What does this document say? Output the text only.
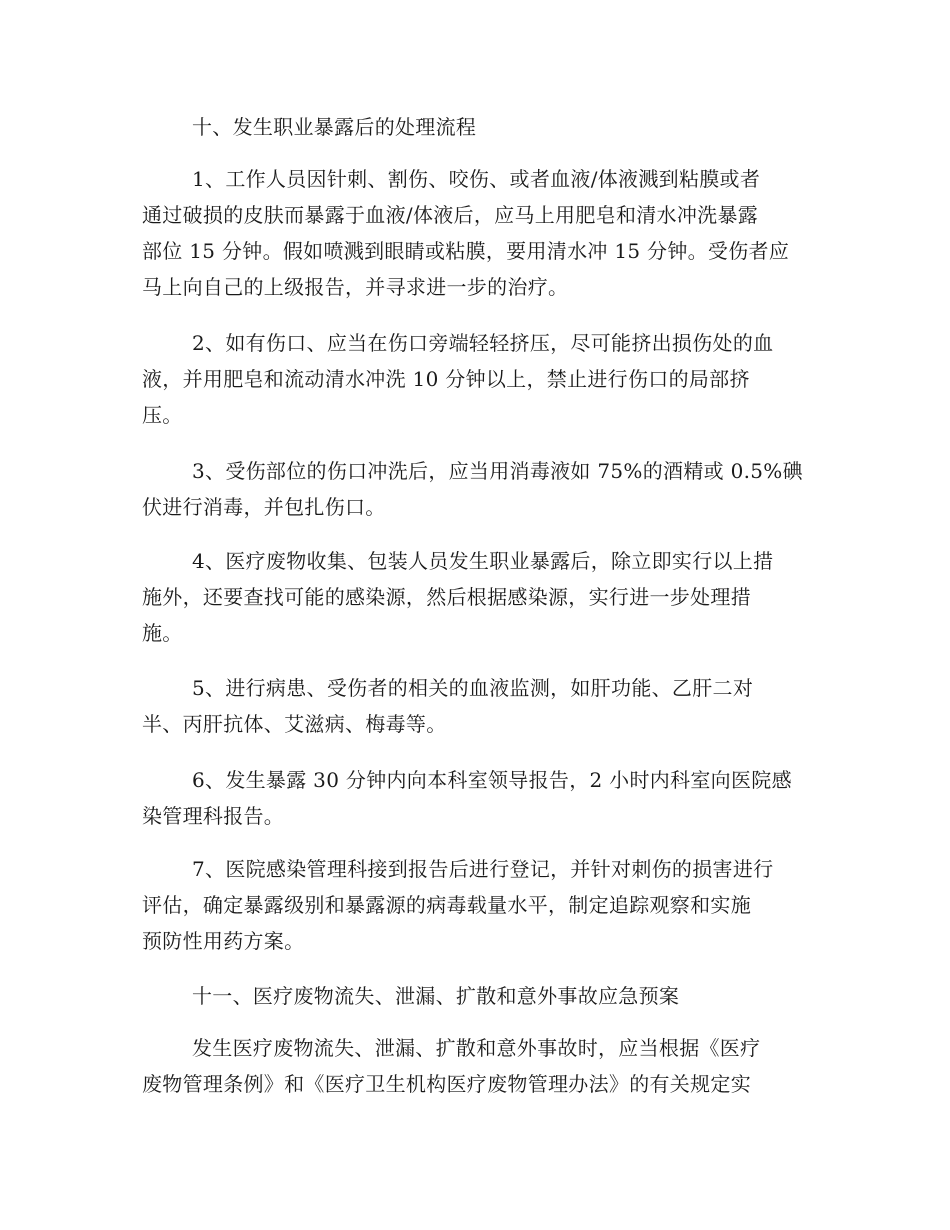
十、发生职业暴露后的处理流程
1、工作人员因针刺、割伤、咬伤、或者血液/体液溅到粘膜或者
通过破损的皮肤而暴露于血液/体液后，应马上用肥皂和清水冲洗暴露
部位 15 分钟。假如喷溅到眼睛或粘膜，要用清水冲 15 分钟。受伤者应
马上向自己的上级报告，并寻求进一步的治疗。
2、如有伤口、应当在伤口旁端轻轻挤压，尽可能挤出损伤处的血
液，并用肥皂和流动清水冲洗 10 分钟以上，禁止进行伤口的局部挤
压。
3、受伤部位的伤口冲洗后，应当用消毒液如 75%的酒精或 0.5%碘
伏进行消毒，并包扎伤口。
4、医疗废物收集、包装人员发生职业暴露后，除立即实行以上措
施外，还要查找可能的感染源，然后根据感染源，实行进一步处理措
施。
5、进行病患、受伤者的相关的血液监测，如肝功能、乙肝二对
半、丙肝抗体、艾滋病、梅毒等。
6、发生暴露 30 分钟内向本科室领导报告，2 小时内科室向医院感
染管理科报告。
7、医院感染管理科接到报告后进行登记，并针对刺伤的损害进行
评估，确定暴露级别和暴露源的病毒载量水平，制定追踪观察和实施
预防性用药方案。
十一、医疗废物流失、泄漏、扩散和意外事故应急预案
发生医疗废物流失、泄漏、扩散和意外事故时，应当根据《医疗
废物管理条例》和《医疗卫生机构医疗废物管理办法》的有关规定实
